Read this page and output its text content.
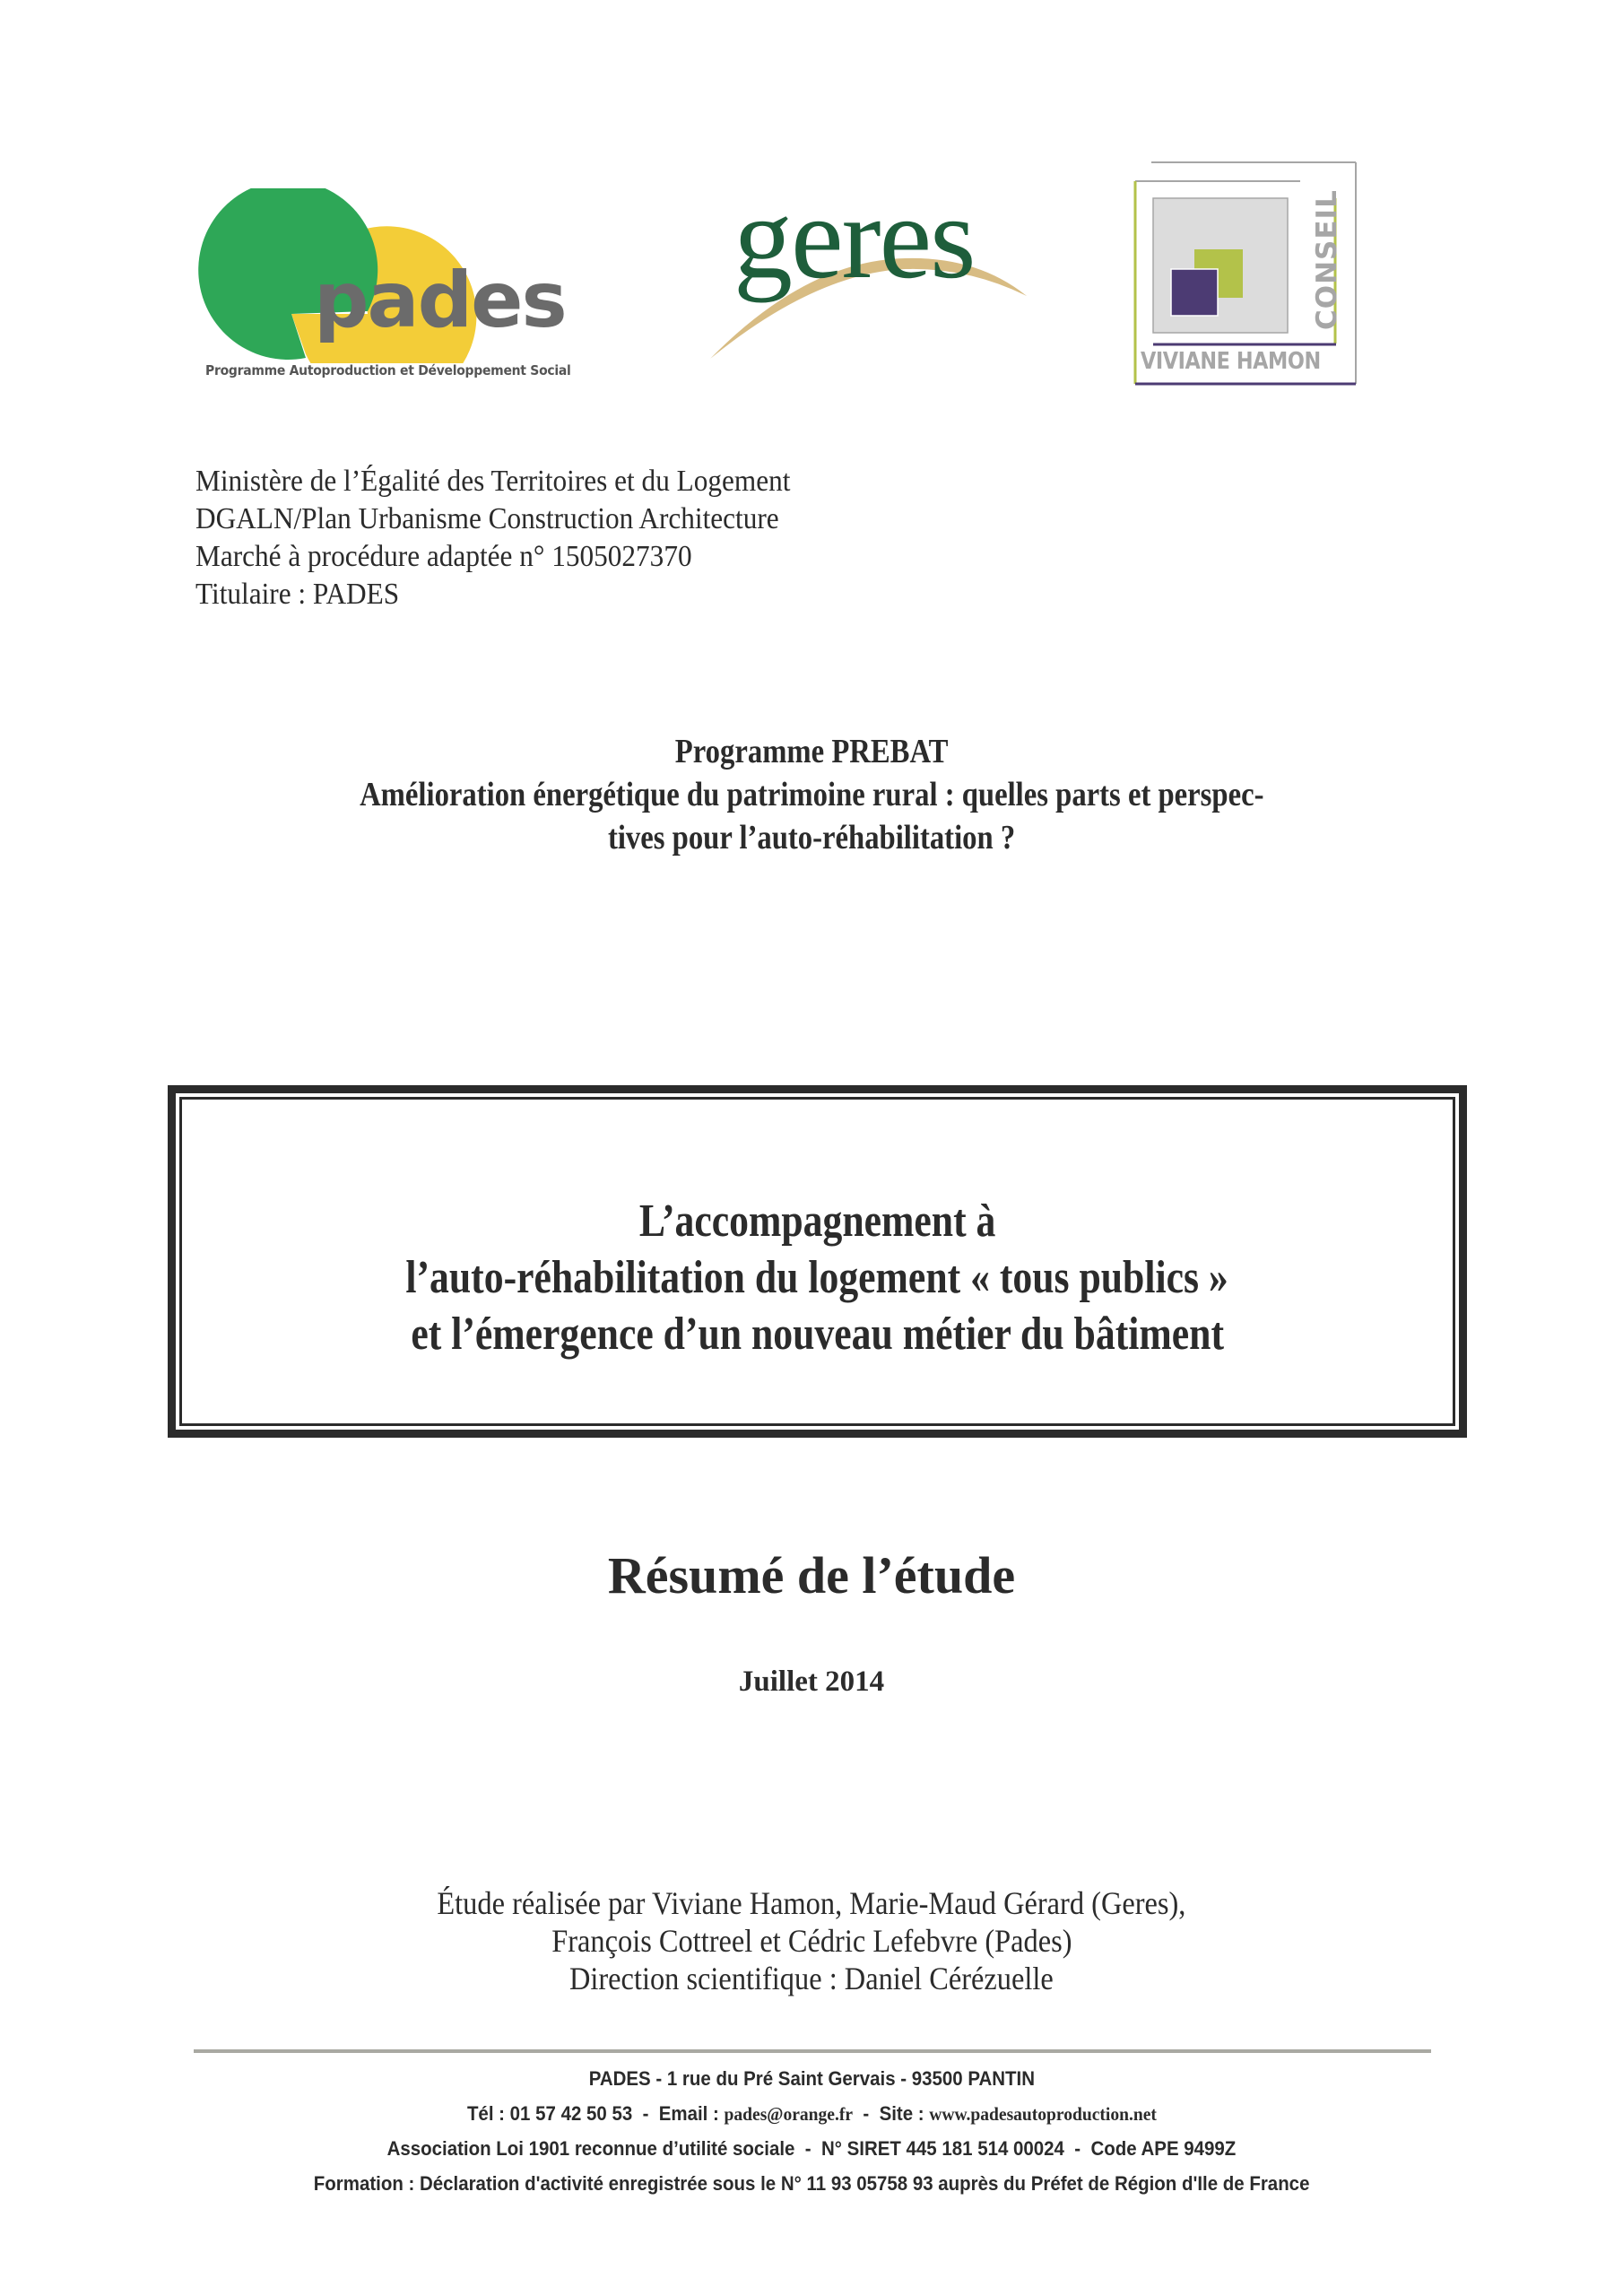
pades
Programme Autoproduction et Développement Social
geres	CONSEIL
VIVIANE HAMON
Ministère de l’Égalité des Territoires et du Logement
DGALN/Plan Urbanisme Construction Architecture
Marché à procédure adaptée n° 1505027370
Titulaire : PADES
Programme PREBAT
Amélioration énergétique du patrimoine rural : quelles parts et perspec-
tives pour l’auto-réhabilitation ?
L’accompagnement à
l’auto-réhabilitation du logement « tous publics »
et l’émergence d’un nouveau métier du bâtiment
Résumé de l’étude
Juillet 2014
Étude réalisée par Viviane Hamon, Marie-Maud Gérard (Geres),
François Cottreel et Cédric Lefebvre (Pades)
Direction scientifique : Daniel Cérézuelle
PADES - 1 rue du Pré Saint Gervais - 93500 PANTIN
Tél : 01 57 42 50 53  -  Email : pades@orange.fr  -  Site : www.padesautoproduction.net
Association Loi 1901 reconnue d’utilité sociale  -  N° SIRET 445 181 514 00024  -  Code APE 9499Z
Formation : Déclaration d'activité enregistrée sous le N° 11 93 05758 93 auprès du Préfet de Région d'Ile de France
